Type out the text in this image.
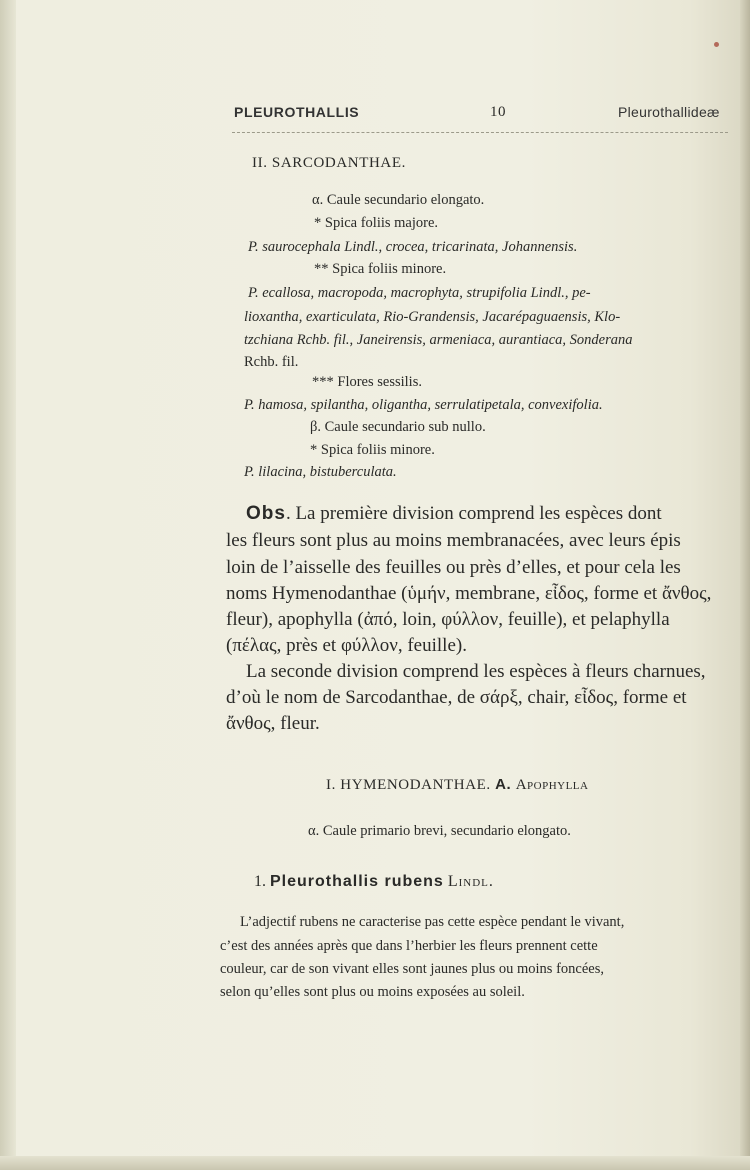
PLEUROTHALLIS	10	Pleurothallideæ
II. SARCODANTHAE.
α. Caule secundario elongato.
* Spica foliis majore.
P. saurocephala Lindl., crocea, tricarinata, Johannensis.
** Spica foliis minore.
P. ecallosa, macropoda, macrophyta, strupifolia Lindl., pe-
lioxantha, exarticulata, Rio-Grandensis, Jacarépaguaensis, Klo-
tzchiana Rchb. fil., Janeirensis, armeniaca, aurantiaca, Sonderana
Rchb. fil.
*** Flores sessilis.
P. hamosa, spilantha, oligantha, serrulatipetala, convexifolia.
β. Caule secundario sub nullo.
* Spica foliis minore.
P. lilacina, bistuberculata.
Obs. La première division comprend les espèces dont
les fleurs sont plus au moins membranacées, avec leurs épis
loin de l’aisselle des feuilles ou près d’elles, et pour cela les
noms Hymenodanthae (ὑμήν, membrane, εἶδος, forme et ἄνθος,
fleur), apophylla (ἀπό, loin, φύλλον, feuille), et pelaphylla
(πέλας, près et φύλλον, feuille).
La seconde division comprend les espèces à fleurs charnues,
d’où le nom de Sarcodanthae, de σάρξ, chair, εἶδος, forme et
ἄνθος, fleur.
I. HYMENODANTHAE. A. Apophylla
α. Caule primario brevi, secundario elongato.
1. Pleurothallis rubens Lindl.
L’adjectif rubens ne caracterise pas cette espèce pendant le vivant,
c’est des années après que dans l’herbier les fleurs prennent cette
couleur, car de son vivant elles sont jaunes plus ou moins foncées,
selon qu’elles sont plus ou moins exposées au soleil.
